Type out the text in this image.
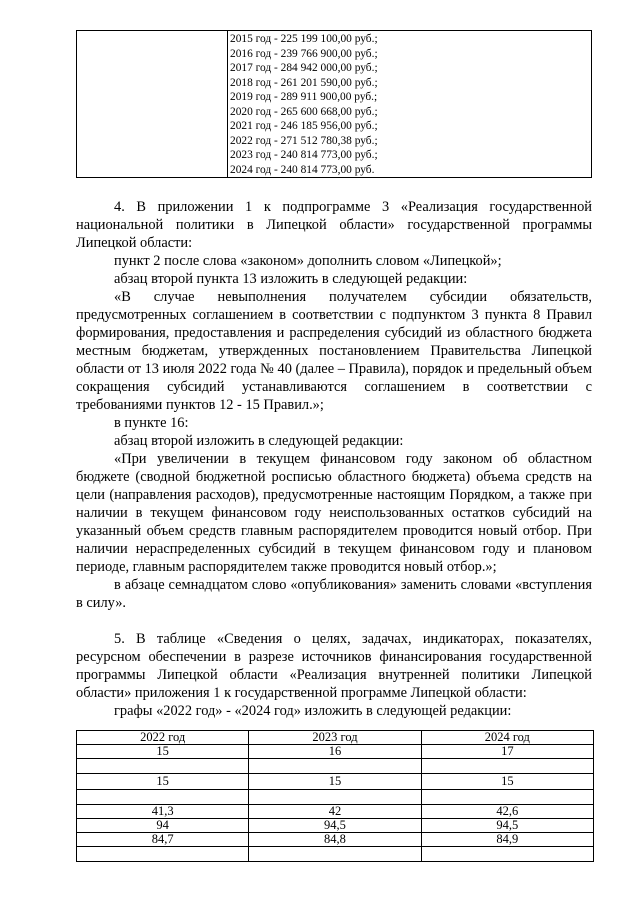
2015 год - 225 199 100,00 руб.;
2016 год - 239 766 900,00 руб.;
2017 год - 284 942 000,00 руб.;
2018 год - 261 201 590,00 руб.;
2019 год - 289 911 900,00 руб.;
2020 год - 265 600 668,00 руб.;
2021 год - 246 185 956,00 руб.;
2022 год - 271 512 780,38 руб.;
2023 год - 240 814 773,00 руб.;
2024 год - 240 814 773,00 руб.

4. В приложении 1 к подпрограмме 3 «Реализация государственной национальной политики в Липецкой области» государственной программы Липецкой области:

пункт 2 после слова «законом» дополнить словом «Липецкой»;

абзац второй пункта 13 изложить в следующей редакции:

«В случае невыполнения получателем субсидии обязательств, предусмотренных соглашением в соответствии с подпунктом 3 пункта 8 Правил формирования, предоставления и распределения субсидий из областного бюджета местным бюджетам, утвержденных постановлением Правительства Липецкой области от 13 июля 2022 года № 40 (далее – Правила), порядок и предельный объем сокращения субсидий устанавливаются соглашением в соответствии с требованиями пунктов 12 - 15 Правил.»;

в пункте 16:

абзац второй изложить в следующей редакции:

«При увеличении в текущем финансовом году законом об областном бюджете (сводной бюджетной росписью областного бюджета) объема средств на цели (направления расходов), предусмотренные настоящим Порядком, а также при наличии в текущем финансовом году неиспользованных остатков субсидий на указанный объем средств главным распорядителем проводится новый отбор. При наличии нераспределенных субсидий в текущем финансовом году и плановом периоде, главным распорядителем также проводится новый отбор.»;

в абзаце семнадцатом слово «опубликования» заменить словами «вступления в силу».

5. В таблице «Сведения о целях, задачах, индикаторах, показателях, ресурсном обеспечении в разрезе источников финансирования государственной программы Липецкой области «Реализация внутренней политики Липецкой области» приложения 1 к государственной программе Липецкой области:

графы «2022 год» - «2024 год» изложить в следующей редакции:

2022 год	2023 год	2024 год
15	16	17

15	15	15

41,3	42	42,6
94	94,5	94,5
84,7	84,8	84,9
